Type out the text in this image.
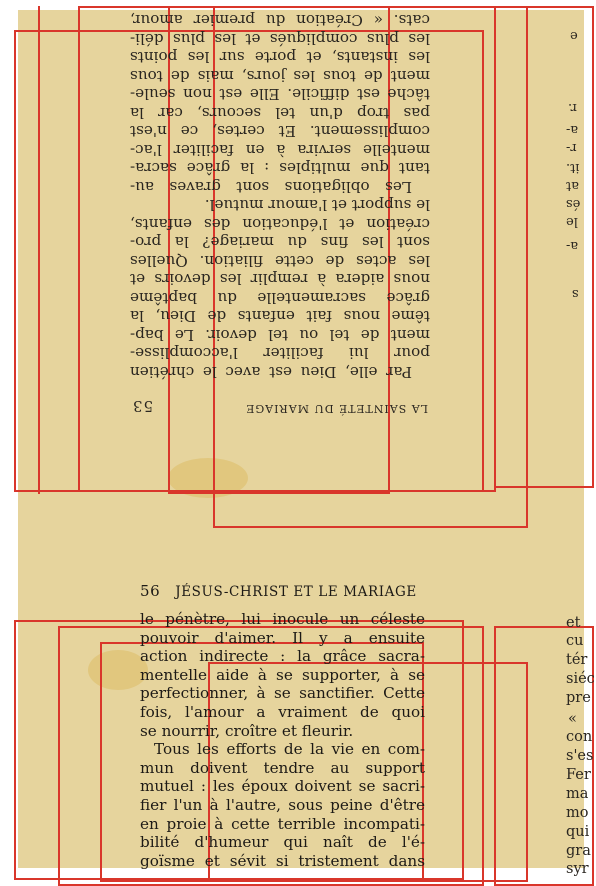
LA SAINTETÉ DU MARIAGE
53

Par elle, Dieu est avec le chrétien

pour lui faciliter l'accomplisse-

ment de tel ou tel devoir. Le bap-

tême nous fait enfants de Dieu, la

grâce sacramentelle du baptême

nous aidera à remplir les devoirs et

les actes de cette filiation. Quelles

sont les fins du mariage? la pro-

création et l'éducation des enfants,

le support et l'amour mutuel.

Les obligations sont graves au-

tant que multiples : la grâce sacra-

mentelle servira à en faciliter l'ac-

complissement. Et certes, ce n'est

pas trop d'un tel secours, car la

tâche est difficile. Elle est non seule-

ment de tous les jours, mais de tous

les instants, et porte sur les points

les plus compliqués et les plus déli-

cats. « Création du premier amour,

e
r.
a-
r-
it.
at
és
le
a-
s
56 JÉSUS-CHRIST ET LE MARIAGE
le pénètre, lui inocule un céleste
pouvoir d'aimer. Il y a ensuite
action indirecte : la grâce sacra-
mentelle aide à se supporter, à se
perfectionner, à se sanctifier. Cette
fois, l'amour a vraiment de quoi
se nourrir, croître et fleurir.
Tous les efforts de la vie en com-
mun doivent tendre au support
mutuel : les époux doivent se sacri-
fier l'un à l'autre, sous peine d'être
en proie à cette terrible incompati-
bilité d'humeur qui naît de l'é-
goïsme et sévit si tristement dans
et
cu
tér
siéc
pre
«
con
s'es
Fer
ma
mo
qui
gra
syr
